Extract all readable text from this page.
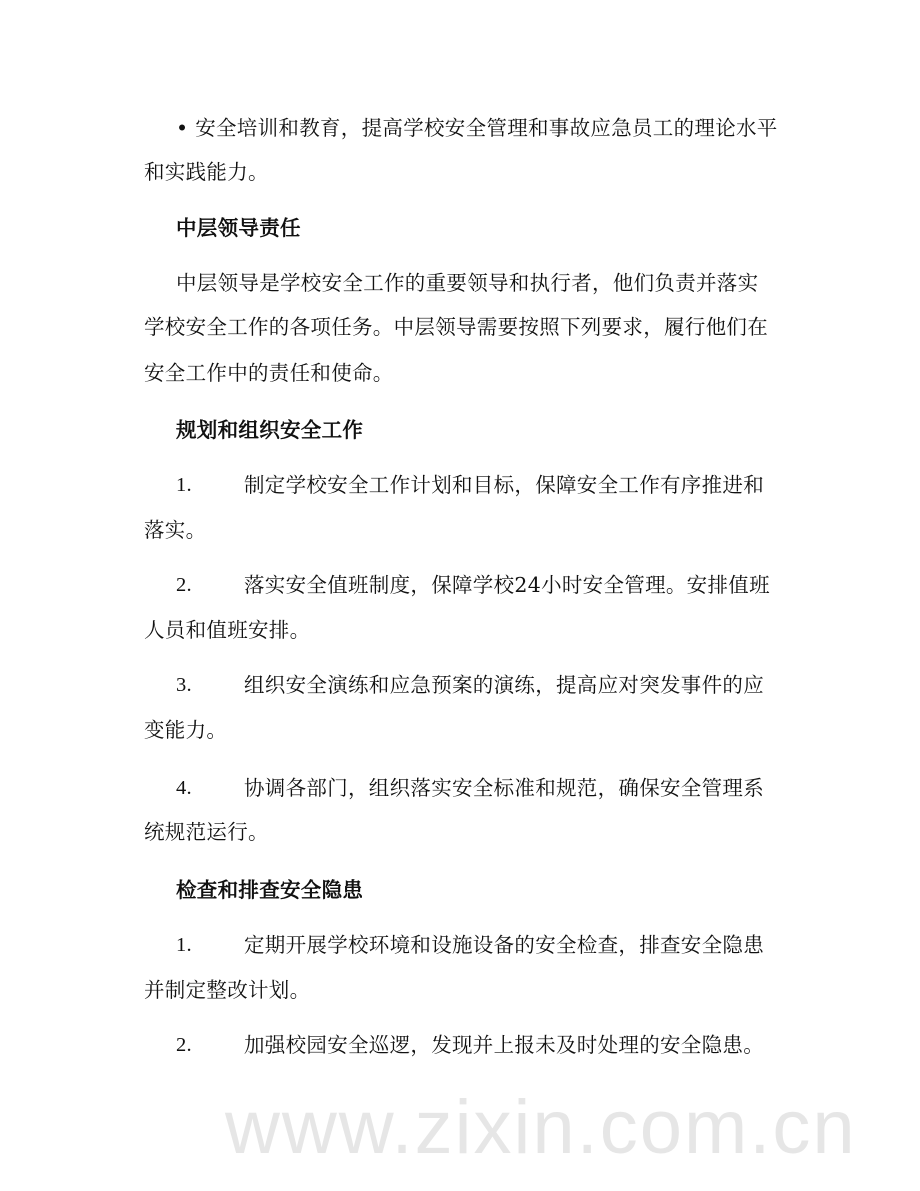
www.zixin.com.cn
• 安全培训和教育，提高学校安全管理和事故应急员工的理论水平
和实践能力。
中层领导责任
中层领导是学校安全工作的重要领导和执行者，他们负责并落实
学校安全工作的各项任务。中层领导需要按照下列要求，履行他们在
安全工作中的责任和使命。
规划和组织安全工作
1.	制定学校安全工作计划和目标，保障安全工作有序推进和
落实。
2.	落实安全值班制度，保障学校24小时安全管理。安排值班
人员和值班安排。
3.	组织安全演练和应急预案的演练，提高应对突发事件的应
变能力。
4.	协调各部门，组织落实安全标准和规范，确保安全管理系
统规范运行。
检查和排查安全隐患
1.	定期开展学校环境和设施设备的安全检查，排查安全隐患
并制定整改计划。
2.	加强校园安全巡逻，发现并上报未及时处理的安全隐患。
